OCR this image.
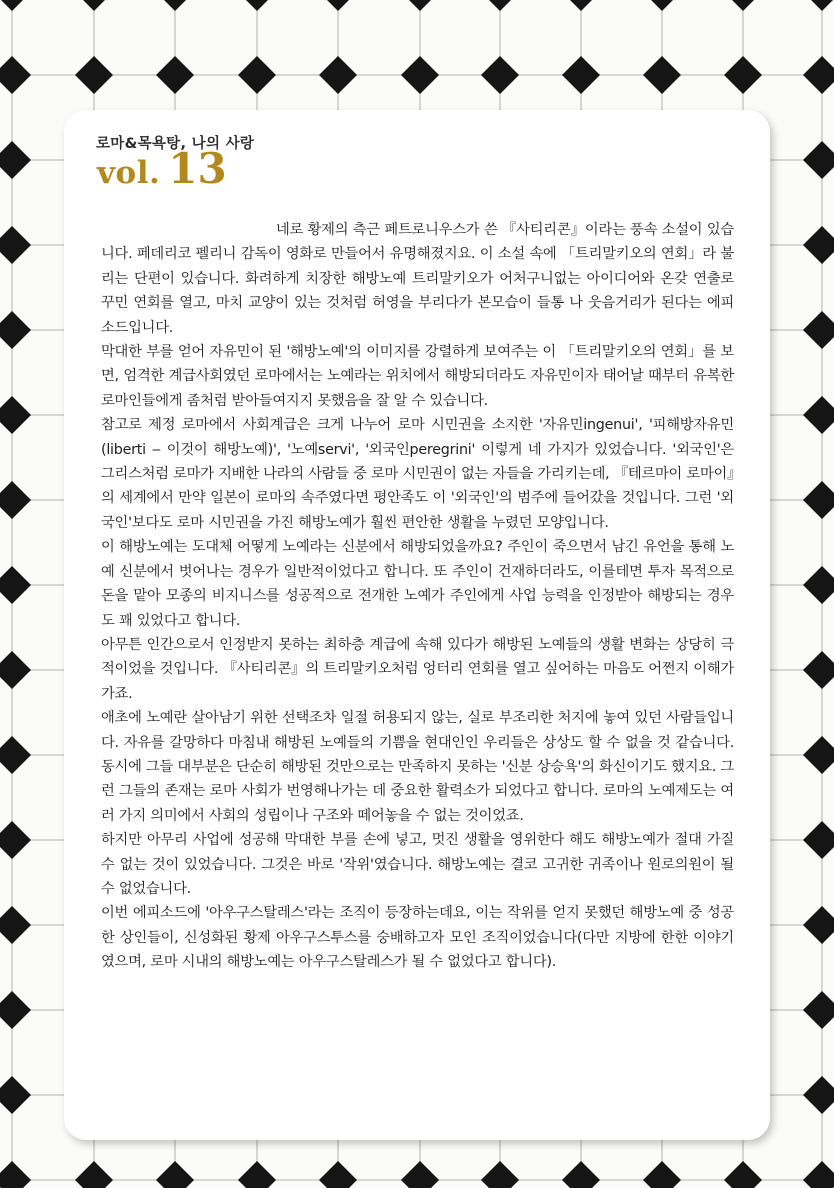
로마&목욕탕, 나의 사랑
vol. 13

네로 황제의 측근 페트로니우스가 쓴 『사티리콘』이라는 풍속 소설이 있습니다. 페데리코 펠리니 감독이 영화로 만들어서 유명해졌지요. 이 소설 속에 「트리말키오의 연회」라 불리는 단편이 있습니다. 화려하게 치장한 해방노예 트리말키오가 어처구니없는 아이디어와 온갖 연출로 꾸민 연회를 열고, 마치 교양이 있는 것처럼 허영을 부리다가 본모습이 들통 나 웃음거리가 된다는 에피소드입니다.

막대한 부를 얻어 자유민이 된 '해방노예'의 이미지를 강렬하게 보여주는 이 「트리말키오의 연회」를 보면, 엄격한 계급사회였던 로마에서는 노예라는 위치에서 해방되더라도 자유민이자 태어날 때부터 유복한 로마인들에게 좀처럼 받아들여지지 못했음을 잘 알 수 있습니다.

참고로 제정 로마에서 사회계급은 크게 나누어 로마 시민권을 소지한 '자유민ingenui', '피해방자유민(liberti ‒ 이것이 해방노예)', '노예servi', '외국인peregrini' 이렇게 네 가지가 있었습니다. '외국인'은 그리스처럼 로마가 지배한 나라의 사람들 중 로마 시민권이 없는 자들을 가리키는데, 『테르마이 로마이』의 세계에서 만약 일본이 로마의 속주였다면 평안족도 이 '외국인'의 범주에 들어갔을 것입니다. 그런 '외국인'보다도 로마 시민권을 가진 해방노예가 훨씬 편안한 생활을 누렸던 모양입니다.

이 해방노예는 도대체 어떻게 노예라는 신분에서 해방되었을까요? 주인이 죽으면서 남긴 유언을 통해 노예 신분에서 벗어나는 경우가 일반적이었다고 합니다. 또 주인이 건재하더라도, 이를테면 투자 목적으로 돈을 맡아 모종의 비지니스를 성공적으로 전개한 노예가 주인에게 사업 능력을 인정받아 해방되는 경우도 꽤 있었다고 합니다.

아무튼 인간으로서 인정받지 못하는 최하층 계급에 속해 있다가 해방된 노예들의 생활 변화는 상당히 극적이었을 것입니다. 『사티리콘』의 트리말키오처럼 엉터리 연회를 열고 싶어하는 마음도 어쩐지 이해가 가죠.

애초에 노예란 살아남기 위한 선택조차 일절 허용되지 않는, 실로 부조리한 처지에 놓여 있던 사람들입니다. 자유를 갈망하다 마침내 해방된 노예들의 기쁨을 현대인인 우리들은 상상도 할 수 없을 것 같습니다. 동시에 그들 대부분은 단순히 해방된 것만으로는 만족하지 못하는 '신분 상승욕'의 화신이기도 했지요. 그런 그들의 존재는 로마 사회가 번영해나가는 데 중요한 활력소가 되었다고 합니다. 로마의 노예제도는 여러 가지 의미에서 사회의 성립이나 구조와 떼어놓을 수 없는 것이었죠.

하지만 아무리 사업에 성공해 막대한 부를 손에 넣고, 멋진 생활을 영위한다 해도 해방노예가 절대 가질 수 없는 것이 있었습니다. 그것은 바로 '작위'였습니다. 해방노예는 결코 고귀한 귀족이나 원로의원이 될 수 없었습니다.

이번 에피소드에 '아우구스탈레스'라는 조직이 등장하는데요, 이는 작위를 얻지 못했던 해방노예 중 성공한 상인들이, 신성화된 황제 아우구스투스를 숭배하고자 모인 조직이었습니다(다만 지방에 한한 이야기였으며, 로마 시내의 해방노예는 아우구스탈레스가 될 수 없었다고 합니다).
